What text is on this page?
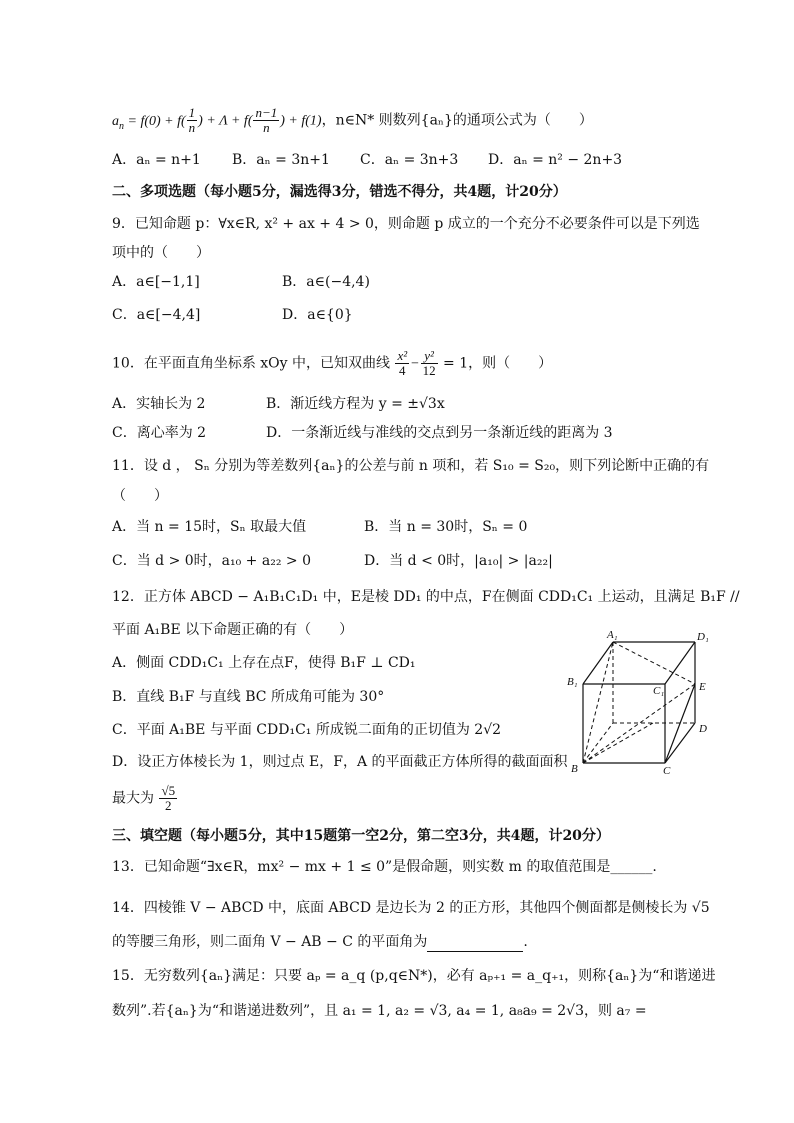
$a_n = f(0) + f( \frac{1}{n}$ ) + $\Lambda + f( \frac{n-1}{n}$ ) + f(1)，n∈N* 则数列{aₙ}的通项公式为（　　）
A．aₙ = n+1 B．aₙ = 3n+1 C．aₙ = 3n+3 D．aₙ = n² − 2n+3
二、多项选题（每小题5分，漏选得3分，错选不得分，共4题，计20分）
9．已知命题 p：∀x∈R, x² + ax + 4 > 0，则命题 p 成立的一个充分不必要条件可以是下列选
项中的（　　）
A．a∈[−1,1]	B．a∈(−4,4)
C．a∈[−4,4]	D．a∈{0}
10．在平面直角坐标系 xOy 中，已知双曲线 $\frac{\text{x²}}{4} - \frac{\text{y²}}{12} = 1$，则（　　）
A．实轴长为 2	B．渐近线方程为 y = ±√3x
C．离心率为 2	D．一条渐近线与准线的交点到另一条渐近线的距离为 3
11．设 d ， Sₙ 分别为等差数列{aₙ}的公差与前 n 项和，若 S₁₀ = S₂₀，则下列论断中正确的有
（　　）
A．当 n = 15时，Sₙ 取最大值	B．当 n = 30时，Sₙ = 0
C．当 d > 0时，a₁₀ + a₂₂ > 0	D．当 d < 0时，|a₁₀| > |a₂₂|
12．正方体 ABCD − A₁B₁C₁D₁ 中，E是棱 DD₁ 的中点，F在侧面 CDD₁C₁ 上运动，且满足 B₁F //
平面 A₁BE 以下命题正确的有（　　）
A．侧面 CDD₁C₁ 上存在点F，使得 B₁F ⊥ CD₁
B．直线 B₁F 与直线 BC 所成角可能为 30°
C．平面 A₁BE 与平面 CDD₁C₁ 所成锐二面角的正切值为 2√2
D．设正方体棱长为 1，则过点 E，F，A 的平面截正方体所得的截面面积
最大为 $\frac{√5}{2}$
A₁	D₁
B₁
C₁	E
D
B	C
三、填空题（每小题5分，其中15题第一空2分，第二空3分，共4题，计20分）
13．已知命题“∃x∈R，mx² − mx + 1 ≤ 0”是假命题，则实数 m 的取值范围是______.
14．四棱锥 V − ABCD 中，底面 ABCD 是边长为 2 的正方形，其他四个侧面都是侧棱长为 √5
的等腰三角形，则二面角 V − AB − C 的平面角为	.
15．无穷数列{aₙ}满足：只要 aₚ = a_q (p,q∈N*)，必有 aₚ₊₁ = a_q₊₁，则称{aₙ}为“和谐递进
数列”.若{aₙ}为“和谐递进数列”，且 a₁ = 1, a₂ = √3, a₄ = 1, a₈a₉ = 2√3，则 a₇ =
